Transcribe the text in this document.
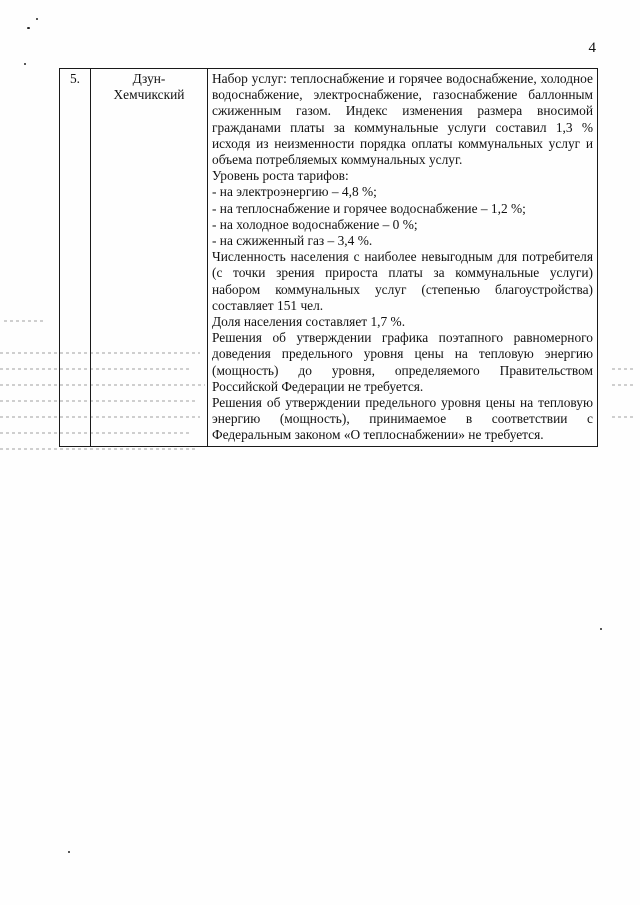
4
5.	Дзун-
Хемчикский

Набор услуг: теплоснабжение и горячее водоснабжение, холодное водоснабжение, электроснабжение, газоснабжение баллонным сжиженным газом. Индекс изменения размера вносимой гражданами платы за коммунальные услуги составил 1,3 % исходя из неизменности порядка оплаты коммунальных услуг и объема потребляемых коммунальных услуг.

Уровень роста тарифов:

- на электроэнергию – 4,8 %;

- на теплоснабжение и горячее водоснабжение – 1,2 %;

- на холодное водоснабжение – 0 %;

- на сжиженный газ – 3,4 %.

Численность населения с наиболее невыгодным для потребителя (с точки зрения прироста платы за коммунальные услуги) набором коммунальных услуг (степенью благоустройства) составляет 151 чел.

Доля населения составляет 1,7 %.

Решения об утверждении графика поэтапного равномерного доведения предельного уровня цены на тепловую энергию (мощность) до уровня, определяемого Правительством Российской Федерации не требуется.

Решения об утверждении предельного уровня цены на тепловую энергию (мощность), принимаемое в соответствии с Федеральным законом «О теплоснабжении» не требуется.
